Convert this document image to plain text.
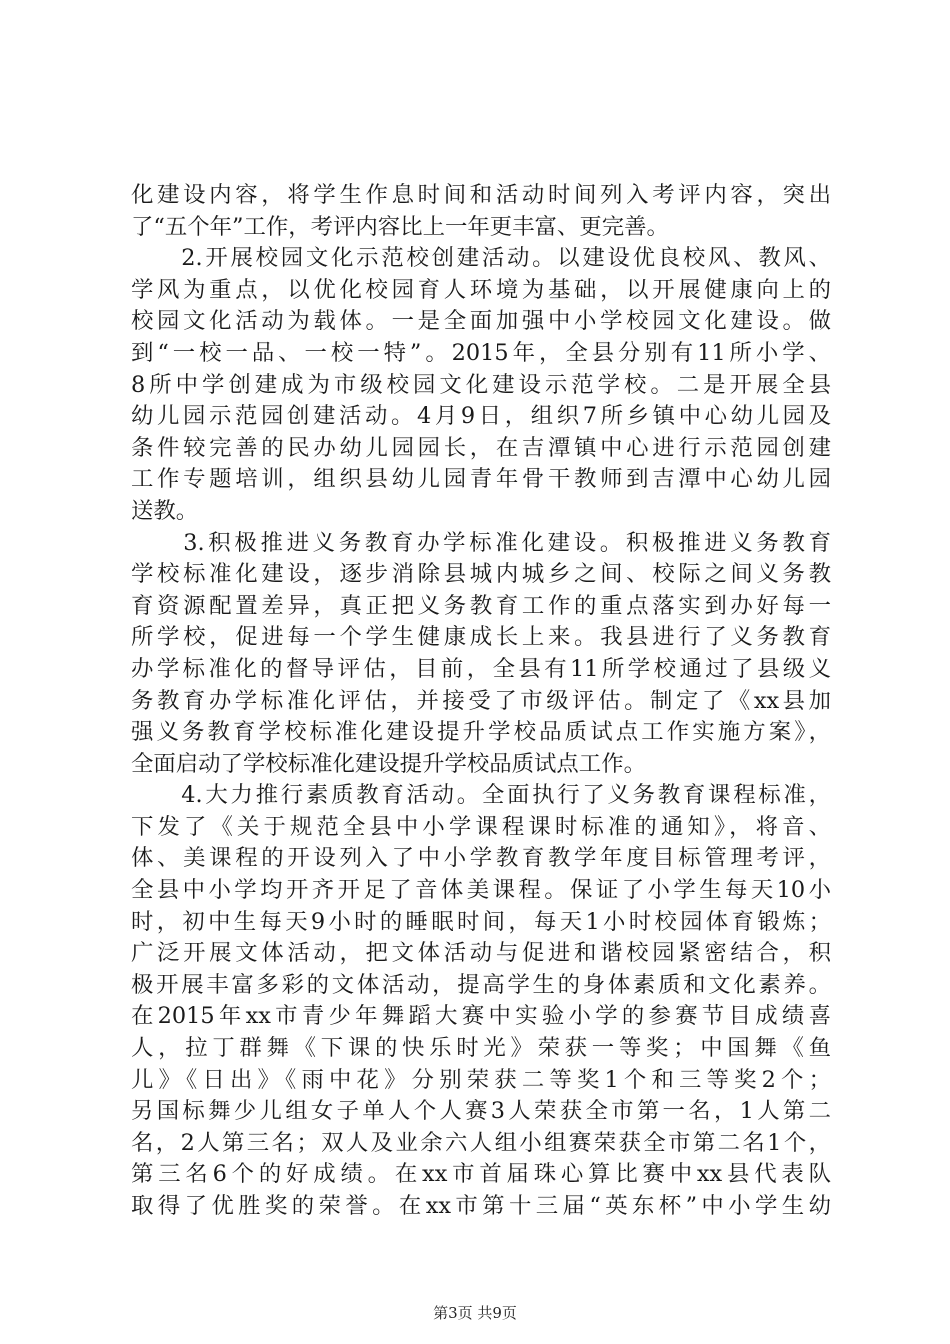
化建设内容，将学生作息时间和活动时间列入考评内容，突出
了“五个年”工作，考评内容比上一年更丰富、更完善。
　　2.开展校园文化示范校创建活动。以建设优良校风、教风、
学风为重点，以优化校园育人环境为基础，以开展健康向上的
校园文化活动为载体。一是全面加强中小学校园文化建设。做
到“一校一品、一校一特”。2015年，全县分别有11所小学、
8所中学创建成为市级校园文化建设示范学校。二是开展全县
幼儿园示范园创建活动。4月9日，组织7所乡镇中心幼儿园及
条件较完善的民办幼儿园园长，在吉潭镇中心进行示范园创建
工作专题培训，组织县幼儿园青年骨干教师到吉潭中心幼儿园
送教。
　　3.积极推进义务教育办学标准化建设。积极推进义务教育
学校标准化建设，逐步消除县城内城乡之间、校际之间义务教
育资源配置差异，真正把义务教育工作的重点落实到办好每一
所学校，促进每一个学生健康成长上来。我县进行了义务教育
办学标准化的督导评估，目前，全县有11所学校通过了县级义
务教育办学标准化评估，并接受了市级评估。制定了《xx县加
强义务教育学校标准化建设提升学校品质试点工作实施方案》，
全面启动了学校标准化建设提升学校品质试点工作。
　　4.大力推行素质教育活动。全面执行了义务教育课程标准，
下发了《关于规范全县中小学课程课时标准的通知》，将音、
体、美课程的开设列入了中小学教育教学年度目标管理考评，
全县中小学均开齐开足了音体美课程。保证了小学生每天10小
时，初中生每天9小时的睡眠时间，每天1小时校园体育锻炼；
广泛开展文体活动，把文体活动与促进和谐校园紧密结合，积
极开展丰富多彩的文体活动，提高学生的身体素质和文化素养。
在2015年xx市青少年舞蹈大赛中实验小学的参赛节目成绩喜
人，拉丁群舞《下课的快乐时光》荣获一等奖；中国舞《鱼
儿》《日出》《雨中花》分别荣获二等奖1个和三等奖2个；
另国标舞少儿组女子单人个人赛3人荣获全市第一名，1人第二
名，2人第三名；双人及业余六人组小组赛荣获全市第二名1个，
第三名6个的好成绩。在xx市首届珠心算比赛中xx县代表队
取得了优胜奖的荣誉。在xx市第十三届“英东杯”中小学生幼
第3页 共9页
